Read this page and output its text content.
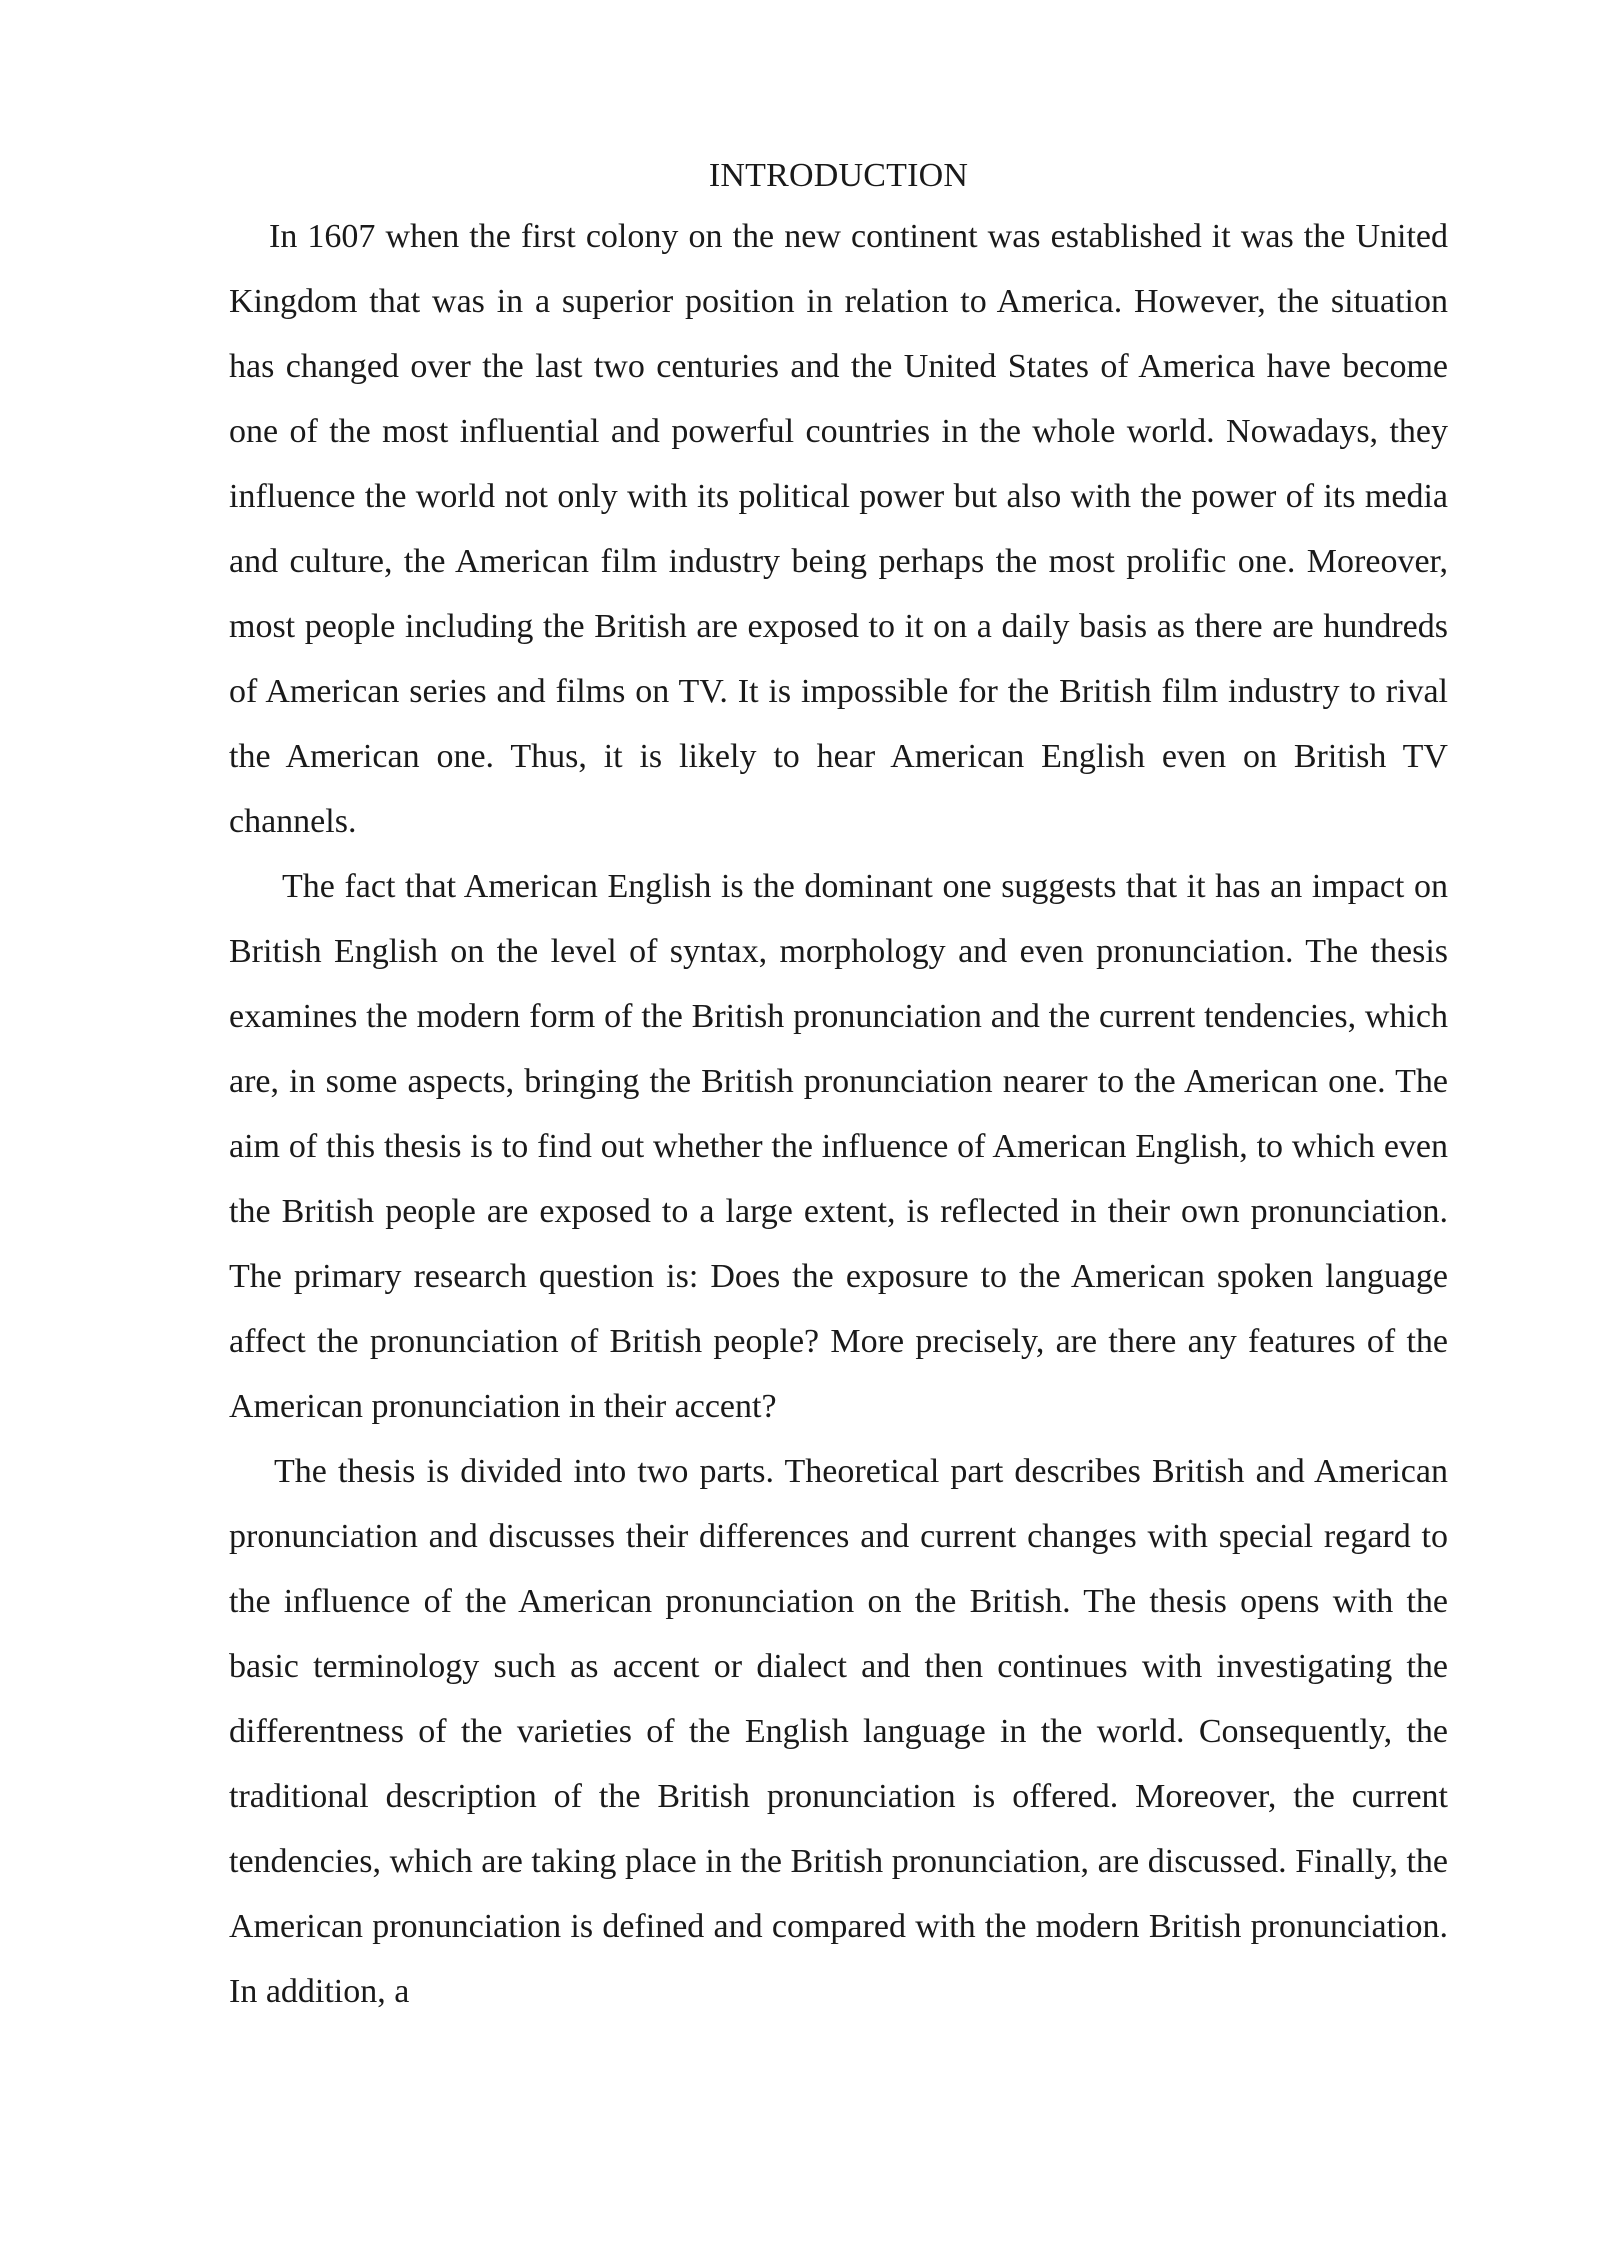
INTRODUCTION

In 1607 when the first colony on the new continent was established it was the United Kingdom that was in a superior position in relation to America. However, the situation has changed over the last two centuries and the United States of America have become one of the most influential and powerful countries in the whole world. Nowadays, they influence the world not only with its political power but also with the power of its media and culture, the American film industry being perhaps the most prolific one. Moreover, most people including the British are exposed to it on a daily basis as there are hundreds of American series and films on TV. It is impossible for the British film industry to rival the American one. Thus, it is likely to hear American English even on British TV channels.

The fact that American English is the dominant one suggests that it has an impact on British English on the level of syntax, morphology and even pronunciation. The thesis examines the modern form of the British pronunciation and the current tendencies, which are, in some aspects, bringing the British pronunciation nearer to the American one. The aim of this thesis is to find out whether the influence of American English, to which even the British people are exposed to a large extent, is reflected in their own pronunciation. The primary research question is: Does the exposure to the American spoken language affect the pronunciation of British people? More precisely, are there any features of the American pronunciation in their accent?

The thesis is divided into two parts. Theoretical part describes British and American pronunciation and discusses their differences and current changes with special regard to the influence of the American pronunciation on the British. The thesis opens with the basic terminology such as accent or dialect and then continues with investigating the differentness of the varieties of the English language in the world. Consequently, the traditional description of the British pronunciation is offered. Moreover, the current tendencies, which are taking place in the British pronunciation, are discussed. Finally, the American pronunciation is defined and compared with the modern British pronunciation. In addition, a
